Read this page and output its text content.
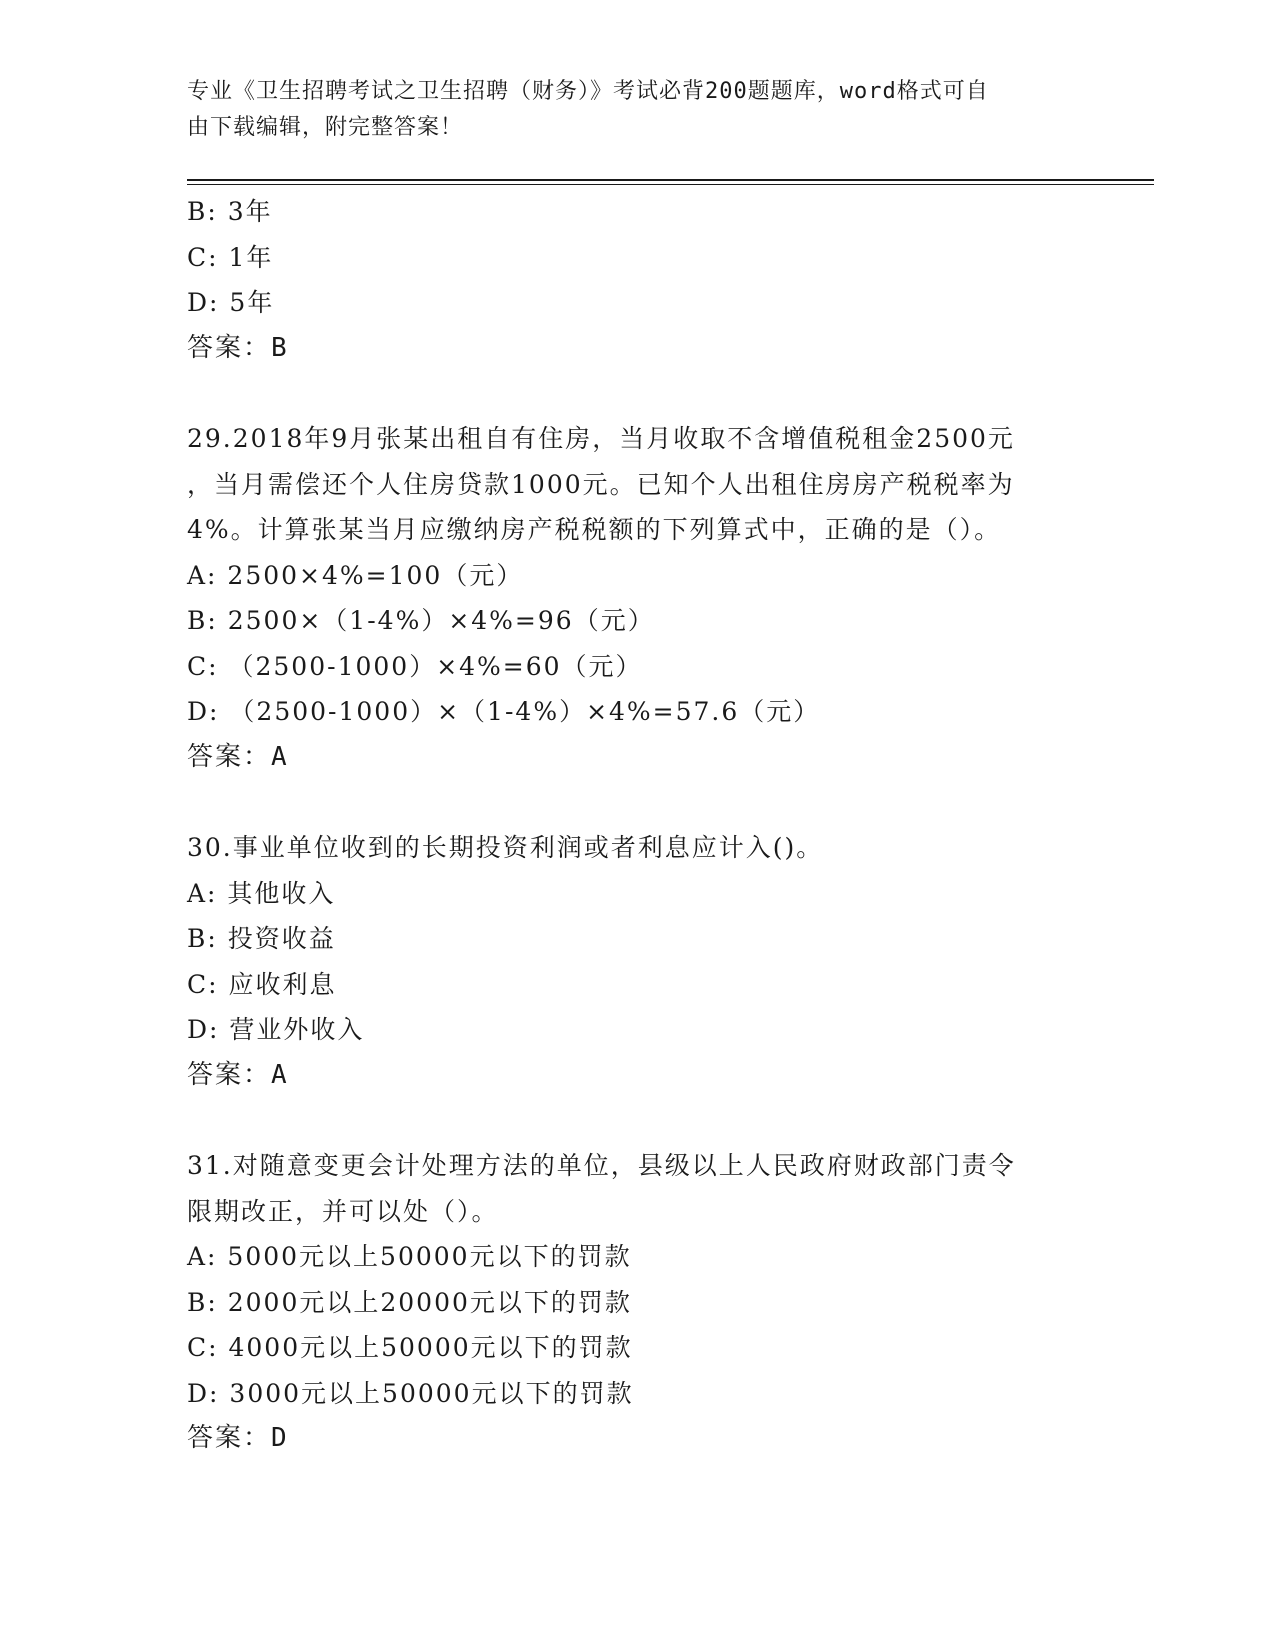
专业《卫生招聘考试之卫生招聘（财务）》考试必背200题题库，word格式可自
由下载编辑，附完整答案！
B: 3年
C: 1年
D: 5年
答案：B
29.2018年9月张某出租自有住房，当月收取不含增值税租金2500元
，当月需偿还个人住房贷款1000元。已知个人出租住房房产税税率为
4%。计算张某当月应缴纳房产税税额的下列算式中，正确的是（）。
A: 2500×4%=100（元）
B: 2500×（1-4%）×4%=96（元）
C: （2500-1000）×4%=60（元）
D: （2500-1000）×（1-4%）×4%=57.6（元）
答案：A
30.事业单位收到的长期投资利润或者利息应计入()。
A: 其他收入
B: 投资收益
C: 应收利息
D: 营业外收入
答案：A
31.对随意变更会计处理方法的单位，县级以上人民政府财政部门责令
限期改正，并可以处（）。
A: 5000元以上50000元以下的罚款
B: 2000元以上20000元以下的罚款
C: 4000元以上50000元以下的罚款
D: 3000元以上50000元以下的罚款
答案：D
